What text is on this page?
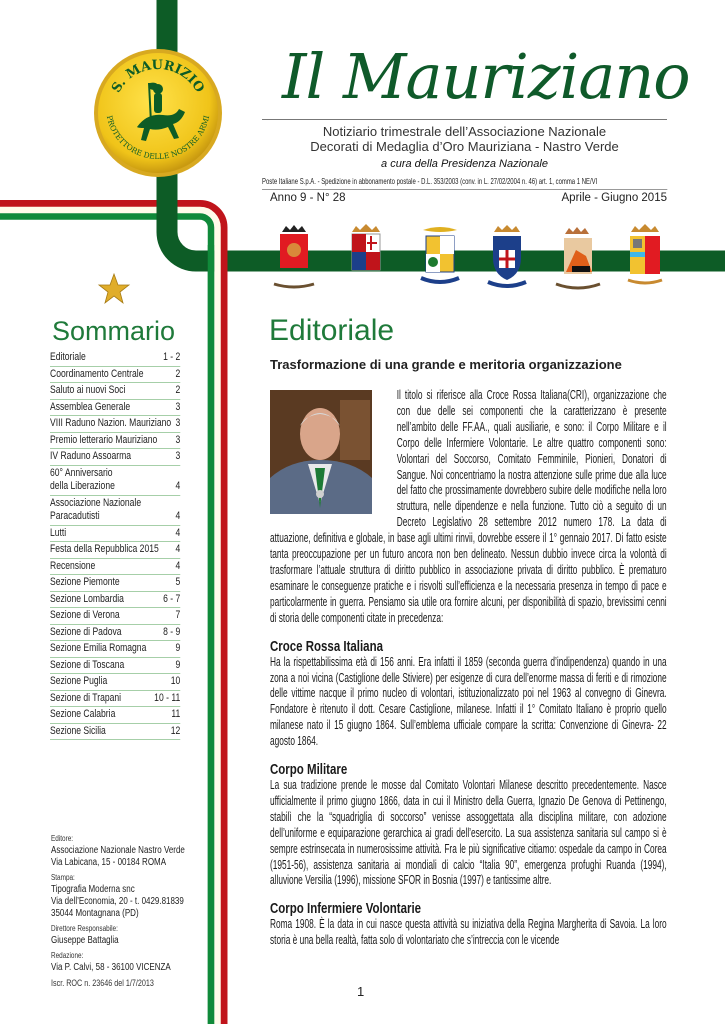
S. MAURIZIO
PROTETTORE DELLE NOSTRE ARMI
Il Mauriziano
Notiziario trimestrale dell’Associazione Nazionale
Decorati di Medaglia d’Oro Mauriziana - Nastro Verde
a cura della Presidenza Nazionale
Poste Italiane S.p.A. - Spedizione in abbonamento postale - D.L. 353/2003 (conv. in L. 27/02/2004 n. 46) art. 1, comma 1 NE/VI
Anno 9 - N° 28	Aprile - Giugno 2015
Sommario
Editoriale	1 - 2
Coordinamento Centrale	2
Saluto ai nuovi Soci	2
Assemblea Generale	3
VIII Raduno Nazion. Mauriziano 3
Premio letterario Mauriziano 3
IV Raduno Assoarma	3
60° Anniversario
della Liberazione	4
Associazione Nazionale
Paracadutisti	4
Lutti	4
Festa della Repubblica 2015 4
Recensione	4
Sezione Piemonte	5
Sezione Lombardia	6 - 7
Sezione di Verona	7
Sezione di Padova	8 - 9
Sezione Emilia Romagna	9
Sezione di Toscana	9
Sezione Puglia	10
Sezione di Trapani	10 - 11
Sezione Calabria	11
Sezione Sicilia	12
Editore:
Associazione Nazionale Nastro Verde
Via Labicana, 15 - 00184 ROMA
Stampa:
Tipografia Moderna snc
Via dell’Economia, 20 - t. 0429.81839
35044 Montagnana (PD)
Direttore Responsabile:
Giuseppe Battaglia
Redazione:
Via P. Calvi, 58 - 36100 VICENZA
Iscr. ROC n. 23646 del 1/7/2013
Editoriale
Trasformazione di una grande e meritoria organizzazione

Il titolo si riferisce alla Croce Rossa Italiana(CRI), organizzazione che con due delle sei componenti che la caratterizzano è presente nell’ambito delle FF.AA., quali ausiliarie, e sono: il Corpo Militare e il Corpo delle Infermiere Volontarie. Le altre quattro componenti sono: Volontari del Soccorso, Comitato Femminile, Pionieri, Donatori di Sangue. Noi concentriamo la nostra attenzione sulle prime due alla luce del fatto che prossimamente dovrebbero subire delle modifiche nella loro struttura, nelle dipendenze e nella funzione. Tutto ciò a seguito di un Decreto Legislativo 28 settembre 2012 numero 178. La data di attuazione, definitiva e globale, in base agli ultimi rinvii, dovrebbe essere il 1° gennaio 2017. Di fatto esiste tanta preoccupazione per un futuro ancora non ben delineato. Nessun dubbio invece circa la volontà di trasformare l’attuale struttura di diritto pubblico in associazione privata di diritto pubblico. È prematuro esaminare le conseguenze pratiche e i risvolti sull’efficienza e la necessaria presenza in tempo di pace e particolarmente in guerra. Pensiamo sia utile ora fornire alcuni, per disponibilità di spazio, brevissimi cenni di storia delle componenti citate in precedenza:

Croce Rossa Italiana

Ha la rispettabilissima età di 156 anni. Era infatti il 1859 (seconda guerra d’indipendenza) quando in una zona a noi vicina (Castiglione delle Stiviere) per esigenze di cura dell’enorme massa di feriti e di rimozione delle vittime nacque il primo nucleo di volontari, istituzionalizzato poi nel 1963 al convegno di Ginevra. Fondatore è ritenuto il dott. Cesare Castiglione, milanese. Infatti il 1° Comitato Italiano è proprio quello milanese nato il 15 giugno 1864. Sull’emblema ufficiale compare la scritta: Convenzione di Ginevra- 22 agosto 1864.

Corpo Militare

La sua tradizione prende le mosse dal Comitato Volontari Milanese descritto precedentemente. Nasce ufficialmente il primo giugno 1866, data in cui il Ministro della Guerra, Ignazio De Genova di Pettinengo, stabilì che la “squadriglia di soccorso” venisse assoggettata alla disciplina militare, con adozione dell’uniforme e equiparazione gerarchica ai gradi dell’esercito. La sua assistenza sanitaria sul campo si è sempre estrinsecata in numerosissime attività. Fra le più significative citiamo: ospedale da campo in Corea (1951-56), assistenza sanitaria ai mondiali di calcio “Italia 90”, emergenza profughi Ruanda (1994), alluvione Versilia (1996), missione SFOR in Bosnia (1997) e tantissime altre.

Corpo Infermiere Volontarie

Roma 1908. È la data in cui nasce questa attività su iniziativa della Regina Margherita di Savoia. La loro storia è una bella realtà, fatta solo di volontariato che s’intreccia con le vicende

1
